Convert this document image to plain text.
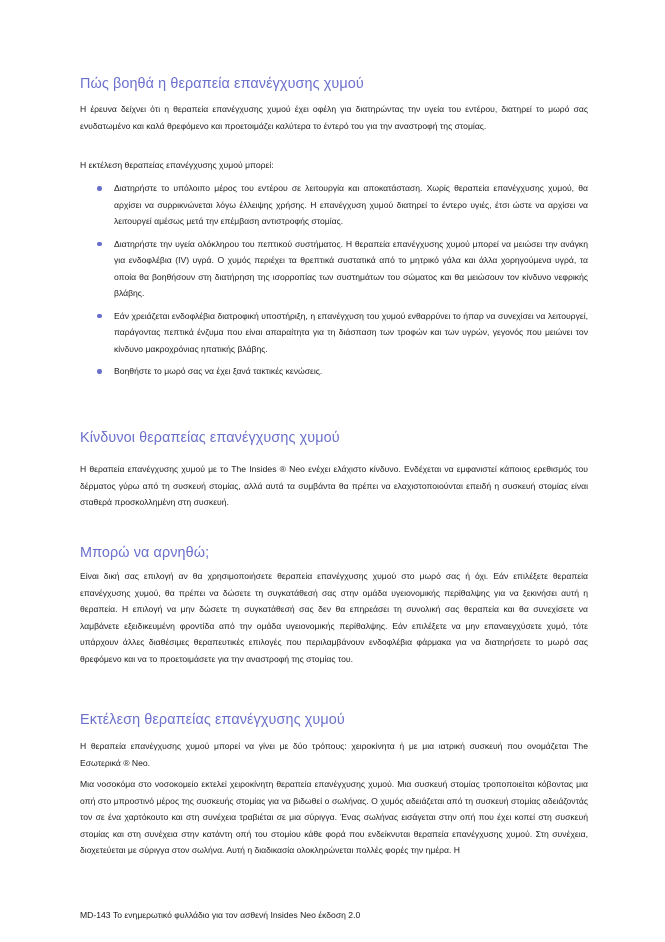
Πώς βοηθά η θεραπεία επανέγχυσης χυμού

Η έρευνα δείχνει ότι η θεραπεία επανέγχυσης χυμού έχει οφέλη για διατηρώντας την υγεία του εντέρου, διατηρεί το μωρό σας ενυδατωμένο και καλά θρεφόμενο και προετοιμάζει καλύτερα το έντερό του για την αναστροφή της στομίας.

Η εκτέλεση θεραπείας επανέγχυσης χυμού μπορεί:

Διατηρήστε το υπόλοιπο μέρος του εντέρου σε λειτουργία και αποκατάσταση. Χωρίς θεραπεία επανέγχυσης χυμού, θα αρχίσει να συρρικνώνεται λόγω έλλειψης χρήσης. Η επανέγχυση χυμού διατηρεί το έντερο υγιές, έτσι ώστε να αρχίσει να λειτουργεί αμέσως μετά την επέμβαση αντιστροφής στομίας.
Διατηρήστε την υγεία ολόκληρου του πεπτικού συστήματος. Η θεραπεία επανέγχυσης χυμού μπορεί να μειώσει την ανάγκη για ενδοφλέβια (IV) υγρά. Ο χυμός περιέχει τα θρεπτικά συστατικά από το μητρικό γάλα και άλλα χορηγούμενα υγρά, τα οποία θα βοηθήσουν στη διατήρηση της ισορροπίας των συστημάτων του σώματος και θα μειώσουν τον κίνδυνο νεφρικής βλάβης.
Εάν χρειάζεται ενδοφλέβια διατροφική υποστήριξη, η επανέγχυση του χυμού ενθαρρύνει το ήπαρ να συνεχίσει να λειτουργεί, παράγοντας πεπτικά ένζυμα που είναι απαραίτητα για τη διάσπαση των τροφών και των υγρών, γεγονός που μειώνει τον κίνδυνο μακροχρόνιας ηπατικής βλάβης.
Βοηθήστε το μωρό σας να έχει ξανά τακτικές κενώσεις.
Κίνδυνοι θεραπείας επανέγχυσης χυμού

Η θεραπεία επανέγχυσης χυμού με το The Insides ® Neo ενέχει ελάχιστο κίνδυνο. Ενδέχεται να εμφανιστεί κάποιος ερεθισμός του δέρματος γύρω από τη συσκευή στομίας, αλλά αυτά τα συμβάντα θα πρέπει να ελαχιστοποιούνται επειδή η συσκευή στομίας είναι σταθερά προσκολλημένη στη συσκευή.

Μπορώ να αρνηθώ;

Είναι δική σας επιλογή αν θα χρησιμοποιήσετε θεραπεία επανέγχυσης χυμού στο μωρό σας ή όχι. Εάν επιλέξετε θεραπεία επανέγχυσης χυμού, θα πρέπει να δώσετε τη συγκατάθεσή σας στην ομάδα υγειονομικής περίθαλψης για να ξεκινήσει αυτή η θεραπεία. Η επιλογή να μην δώσετε τη συγκατάθεσή σας δεν θα επηρεάσει τη συνολική σας θεραπεία και θα συνεχίσετε να λαμβάνετε εξειδικευμένη φροντίδα από την ομάδα υγειονομικής περίθαλψης. Εάν επιλέξετε να μην επαναεγχύσετε χυμό, τότε υπάρχουν άλλες διαθέσιμες θεραπευτικές επιλογές που περιλαμβάνουν ενδοφλέβια φάρμακα για να διατηρήσετε το μωρό σας θρεφόμενο και να το προετοιμάσετε για την αναστροφή της στομίας του.

Εκτέλεση θεραπείας επανέγχυσης χυμού

Η θεραπεία επανέγχυσης χυμού μπορεί να γίνει με δύο τρόπους: χειροκίνητα ή με μια ιατρική συσκευή που ονομάζεται The Εσωτερικά ® Neo.

Μια νοσοκόμα στο νοσοκομείο εκτελεί χειροκίνητη θεραπεία επανέγχυσης χυμού. Μια συσκευή στομίας τροποποιείται κόβοντας μια οπή στο μπροστινό μέρος της συσκευής στομίας για να βιδωθεί ο σωλήνας. Ο χυμός αδειάζεται από τη συσκευή στομίας αδειάζοντάς τον σε ένα χαρτόκουτο και στη συνέχεια τραβιέται σε μια σύριγγα. Ένας σωλήνας εισάγεται στην οπή που έχει κοπεί στη συσκευή στομίας και στη συνέχεια στην κατάντη οπή του στομίου κάθε φορά που ενδείκνυται θεραπεία επανέγχυσης χυμού. Στη συνέχεια, διοχετεύεται με σύριγγα στον σωλήνα. Αυτή η διαδικασία ολοκληρώνεται πολλές φορές την ημέρα. Η

MD-143 Το ενημερωτικό φυλλάδιο για τον ασθενή Insides Neo έκδοση 2.0
